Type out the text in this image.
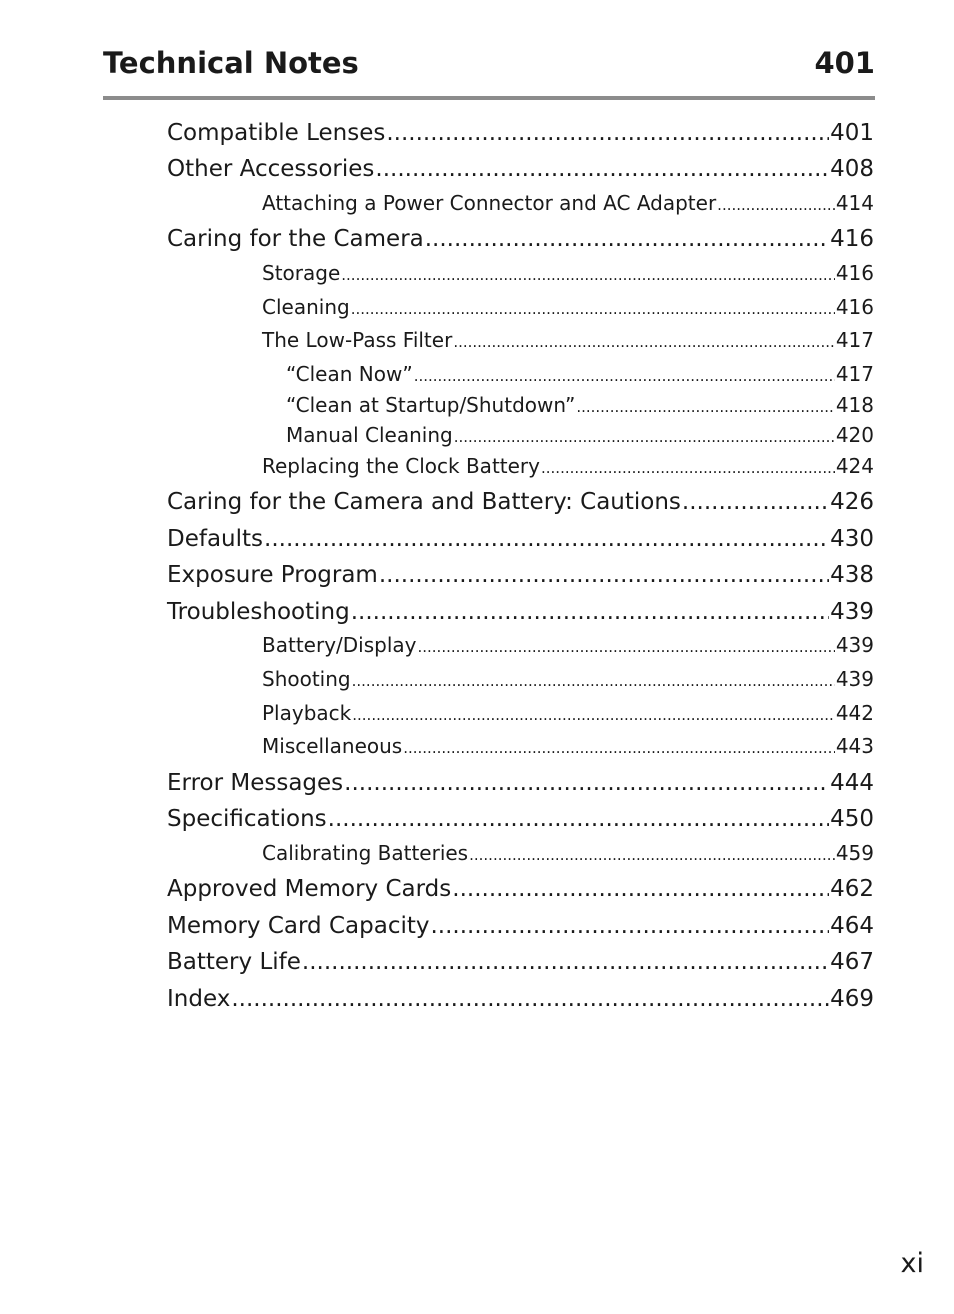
Technical Notes	401
Compatible Lenses .....	401
Other Accessories .....	408
Attaching a Power Connector and AC Adapter .....	414
Caring for the Camera .....	416
Storage .....	416
Cleaning .....	416
The Low-Pass Filter .....	417
“Clean Now” .....	417
“Clean at Startup/Shutdown” .....	418
Manual Cleaning .....	420
Replacing the Clock Battery .....	424
Caring for the Camera and Battery: Cautions .....	426
Defaults .....	430
Exposure Program .....	438
Troubleshooting .....	439
Battery/Display .....	439
Shooting .....	439
Playback .....	442
Miscellaneous .....	443
Error Messages .....	444
Specifications .....	450
Calibrating Batteries .....	459
Approved Memory Cards .....	462
Memory Card Capacity .....	464
Battery Life .....	467
Index .....	469
xi
